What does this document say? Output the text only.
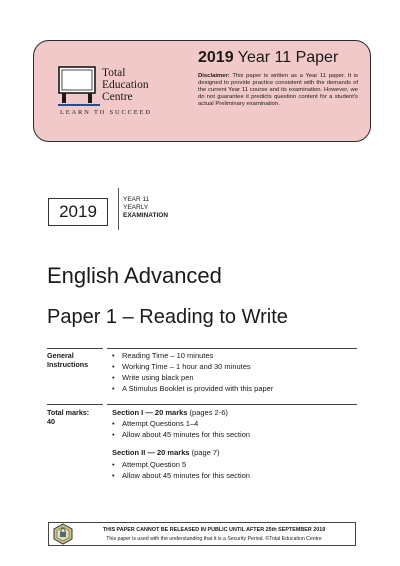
Total
Education
Centre
LEARN TO SUCCEED
2019 Year 11 Paper
Disclaimer: This paper is written as a Year 11 paper. It is designed to provide practice consistent with the demands of the current Year 11 course and its examination. However, we do not guarantee it predicts question content for a student's actual Preliminary examination.
2019
YEAR 11
YEARLY
EXAMINATION
English Advanced
Paper 1 – Reading to Write
General
Instructions
• Reading Time – 10 minutes
• Working Time – 1 hour and 30 minutes
• Write using black pen
• A Stimulus Booklet is provided with this paper
Total marks:
40
Section I — 20 marks (pages 2-6)
• Attempt Questions 1–4
• Allow about 45 minutes for this section
Section II — 20 marks (page 7)
• Attempt Question 5
• Allow about 45 minutes for this section
THIS PAPER CANNOT BE RELEASED IN PUBLIC UNTIL AFTER 25th SEPTEMBER 2019
This paper is used with the understanding that it is a Security Period. ©Total Education Centre
